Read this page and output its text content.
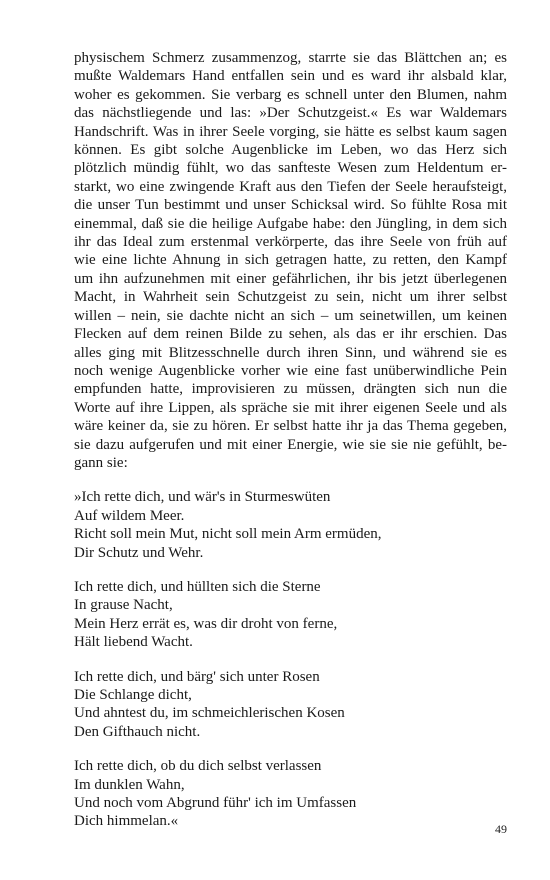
physischem Schmerz zusammenzog, starrte sie das Blättchen an; es
mußte Waldemars Hand entfallen sein und es ward ihr alsbald klar,
woher es gekommen. Sie verbarg es schnell unter den Blumen, nahm
das nächstliegende und las: »Der Schutzgeist.« Es war Waldemars
Handschrift. Was in ihrer Seele vorging, sie hätte es selbst kaum sagen
können. Es gibt solche Augenblicke im Leben, wo das Herz sich
plötzlich mündig fühlt, wo das sanfteste Wesen zum Heldentum er-
starkt, wo eine zwingende Kraft aus den Tiefen der Seele heraufsteigt,
die unser Tun bestimmt und unser Schicksal wird. So fühlte Rosa mit
einemmal, daß sie die heilige Aufgabe habe: den Jüngling, in dem sich
ihr das Ideal zum erstenmal verkörperte, das ihre Seele von früh auf
wie eine lichte Ahnung in sich getragen hatte, zu retten, den Kampf
um ihn aufzunehmen mit einer gefährlichen, ihr bis jetzt überlegenen
Macht, in Wahrheit sein Schutzgeist zu sein, nicht um ihrer selbst
willen – nein, sie dachte nicht an sich – um seinetwillen, um keinen
Flecken auf dem reinen Bilde zu sehen, als das er ihr erschien. Das
alles ging mit Blitzesschnelle durch ihren Sinn, und während sie es
noch wenige Augenblicke vorher wie eine fast unüberwindliche Pein
empfunden hatte, improvisieren zu müssen, drängten sich nun die
Worte auf ihre Lippen, als spräche sie mit ihrer eigenen Seele und als
wäre keiner da, sie zu hören. Er selbst hatte ihr ja das Thema gegeben,
sie dazu aufgerufen und mit einer Energie, wie sie sie nie gefühlt, be-
gann sie:
»Ich rette dich, und wär's in Sturmeswüten
Auf wildem Meer.
Richt soll mein Mut, nicht soll mein Arm ermüden,
Dir Schutz und Wehr.
Ich rette dich, und hüllten sich die Sterne
In grause Nacht,
Mein Herz errät es, was dir droht von ferne,
Hält liebend Wacht.
Ich rette dich, und bärg' sich unter Rosen
Die Schlange dicht,
Und ahntest du, im schmeichlerischen Kosen
Den Gifthauch nicht.
Ich rette dich, ob du dich selbst verlassen
Im dunklen Wahn,
Und noch vom Abgrund führ' ich im Umfassen
Dich himmelan.«	49
